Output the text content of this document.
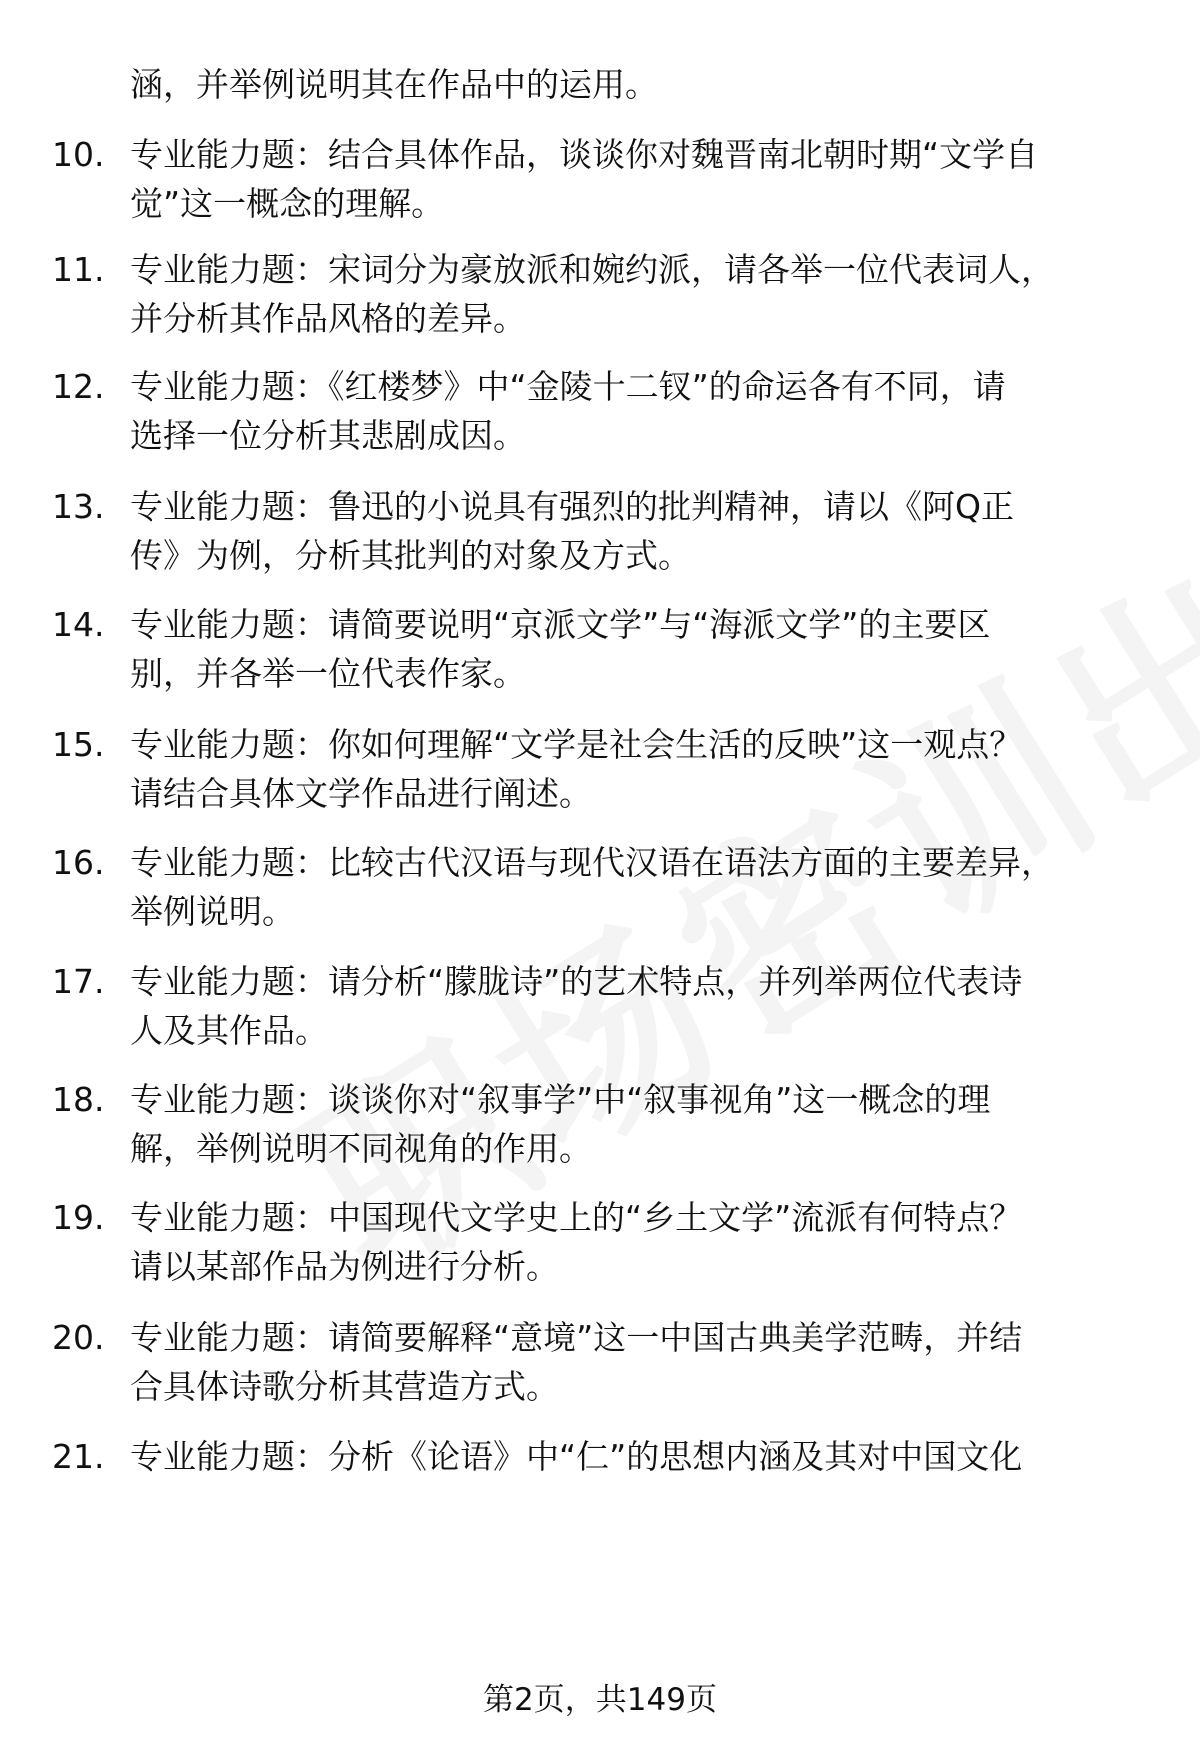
涵，并举例说明其在作品中的运用。
10. 专业能力题：结合具体作品，谈谈你对魏晋南北朝时期“文学自
觉”这一概念的理解。
11. 专业能力题：宋词分为豪放派和婉约派，请各举一位代表词人，
并分析其作品风格的差异。
12. 专业能力题：《红楼梦》中“金陵十二钗”的命运各有不同，请
选择一位分析其悲剧成因。
13. 专业能力题：鲁迅的小说具有强烈的批判精神，请以《阿Q正
传》为例，分析其批判的对象及方式。
14. 专业能力题：请简要说明“京派文学”与“海派文学”的主要区
别，并各举一位代表作家。
15. 专业能力题：你如何理解“文学是社会生活的反映”这一观点？
请结合具体文学作品进行阐述。
16. 专业能力题：比较古代汉语与现代汉语在语法方面的主要差异，
举例说明。
17. 专业能力题：请分析“朦胧诗”的艺术特点，并列举两位代表诗
人及其作品。
18. 专业能力题：谈谈你对“叙事学”中“叙事视角”这一概念的理
解，举例说明不同视角的作用。
19. 专业能力题：中国现代文学史上的“乡土文学”流派有何特点？
请以某部作品为例进行分析。
20. 专业能力题：请简要解释“意境”这一中国古典美学范畴，并结
合具体诗歌分析其营造方式。
21. 专业能力题：分析《论语》中“仁”的思想内涵及其对中国文化
第2页，共149页
